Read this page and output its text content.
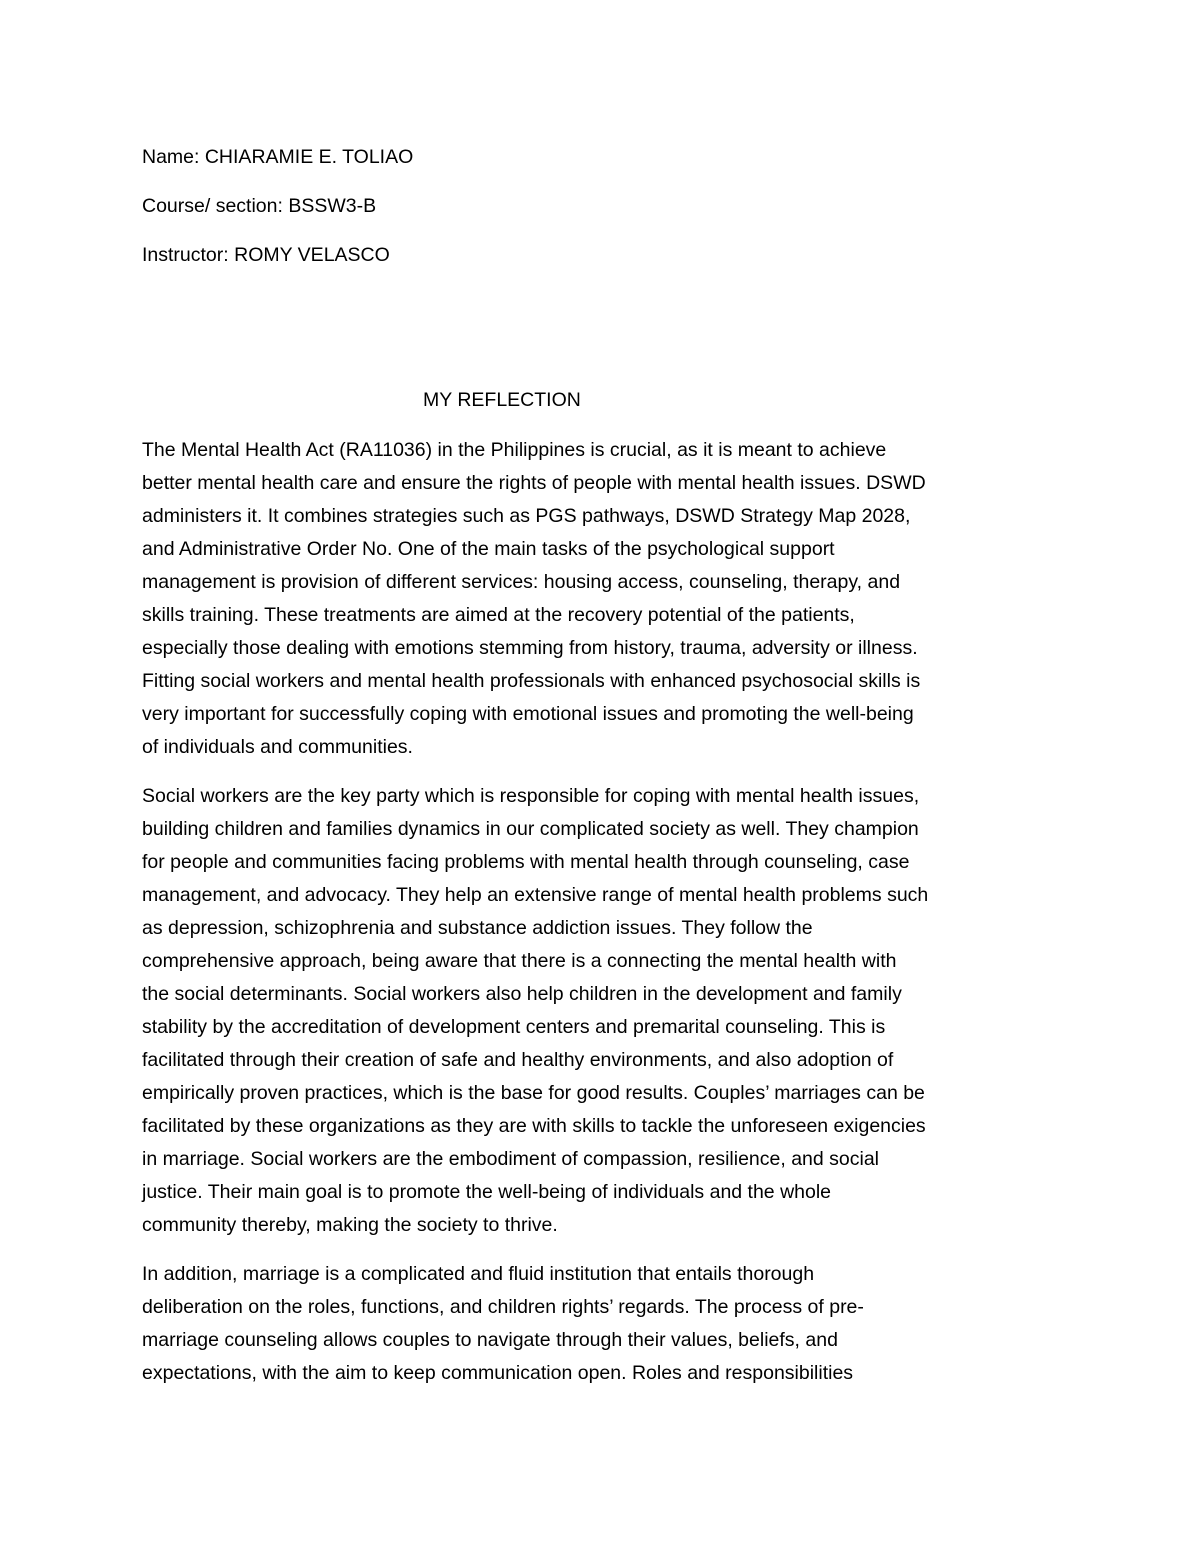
Name: CHIARAMIE E. TOLIAO
Course/ section: BSSW3-B
Instructor: ROMY VELASCO
MY REFLECTION
The Mental Health Act (RA11036) in the Philippines is crucial, as it is meant to achieve
better mental health care and ensure the rights of people with mental health issues. DSWD
administers it. It combines strategies such as PGS pathways, DSWD Strategy Map 2028,
and Administrative Order No. One of the main tasks of the psychological support
management is provision of different services: housing access, counseling, therapy, and
skills training. These treatments are aimed at the recovery potential of the patients,
especially those dealing with emotions stemming from history, trauma, adversity or illness.
Fitting social workers and mental health professionals with enhanced psychosocial skills is
very important for successfully coping with emotional issues and promoting the well-being
of individuals and communities.
Social workers are the key party which is responsible for coping with mental health issues,
building children and families dynamics in our complicated society as well. They champion
for people and communities facing problems with mental health through counseling, case
management, and advocacy. They help an extensive range of mental health problems such
as depression, schizophrenia and substance addiction issues. They follow the
comprehensive approach, being aware that there is a connecting the mental health with
the social determinants. Social workers also help children in the development and family
stability by the accreditation of development centers and premarital counseling. This is
facilitated through their creation of safe and healthy environments, and also adoption of
empirically proven practices, which is the base for good results. Couples’ marriages can be
facilitated by these organizations as they are with skills to tackle the unforeseen exigencies
in marriage. Social workers are the embodiment of compassion, resilience, and social
justice. Their main goal is to promote the well-being of individuals and the whole
community thereby, making the society to thrive.
In addition, marriage is a complicated and fluid institution that entails thorough
deliberation on the roles, functions, and children rights’ regards. The process of pre-
marriage counseling allows couples to navigate through their values, beliefs, and
expectations, with the aim to keep communication open. Roles and responsibilities
